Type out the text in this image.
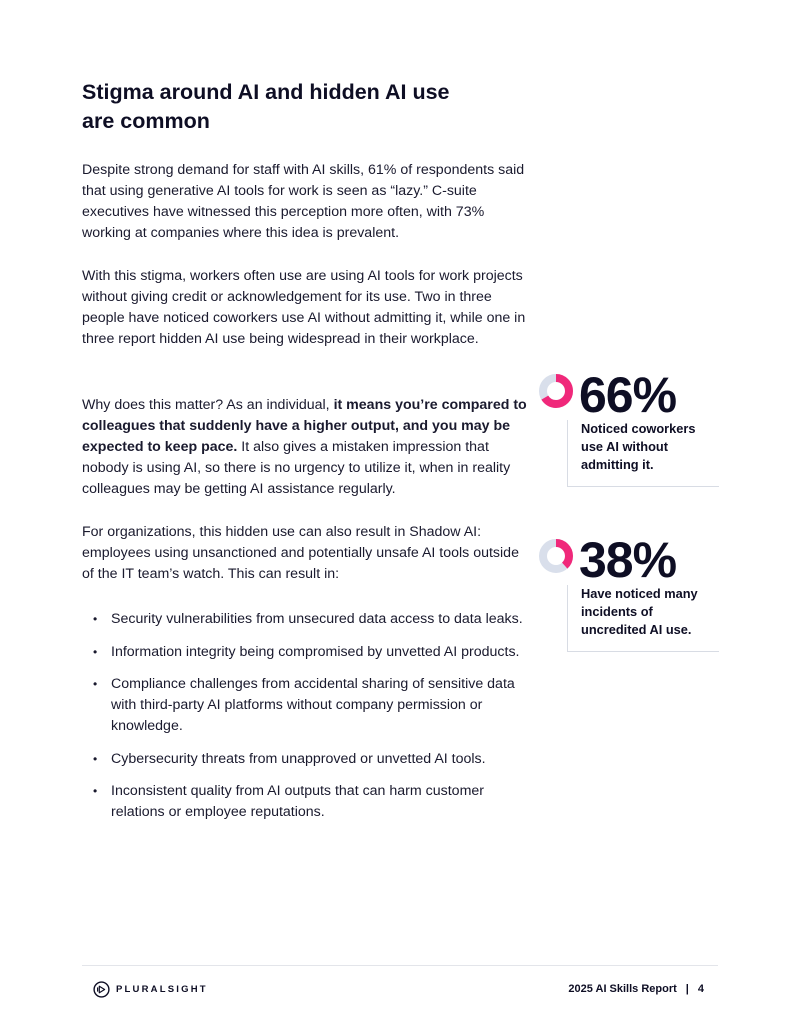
Stigma around AI and hidden AI use
are common

Despite strong demand for staff with AI skills, 61% of respondents said that using generative AI tools for work is seen as “lazy.” C-suite executives have witnessed this perception more often, with 73% working at companies where this idea is prevalent.

With this stigma, workers often use are using AI tools for work projects without giving credit or acknowledgement for its use. Two in three people have noticed coworkers use AI without admitting it, while one in three report hidden AI use being widespread in their workplace.

Why does this matter? As an individual, it means you’re compared to colleagues that suddenly have a higher output, and you may be expected to keep pace. It also gives a mistaken impression that nobody is using AI, so there is no urgency to utilize it, when in reality colleagues may be getting AI assistance regularly.

For organizations, this hidden use can also result in Shadow AI: employees using unsanctioned and potentially unsafe AI tools outside of the IT team’s watch. This can result in:

• Security vulnerabilities from unsecured data access to data leaks.
• Information integrity being compromised by unvetted AI products.
• Compliance challenges from accidental sharing of sensitive data with third-party AI platforms without company permission or knowledge.
• Cybersecurity threats from unapproved or unvetted AI tools.
• Inconsistent quality from AI outputs that can harm customer relations or employee reputations.
66%
Noticed coworkers use AI without admitting it.
38%
Have noticed many incidents of uncredited AI use.
PLURALSIGHT	2025 AI Skills Report | 4
